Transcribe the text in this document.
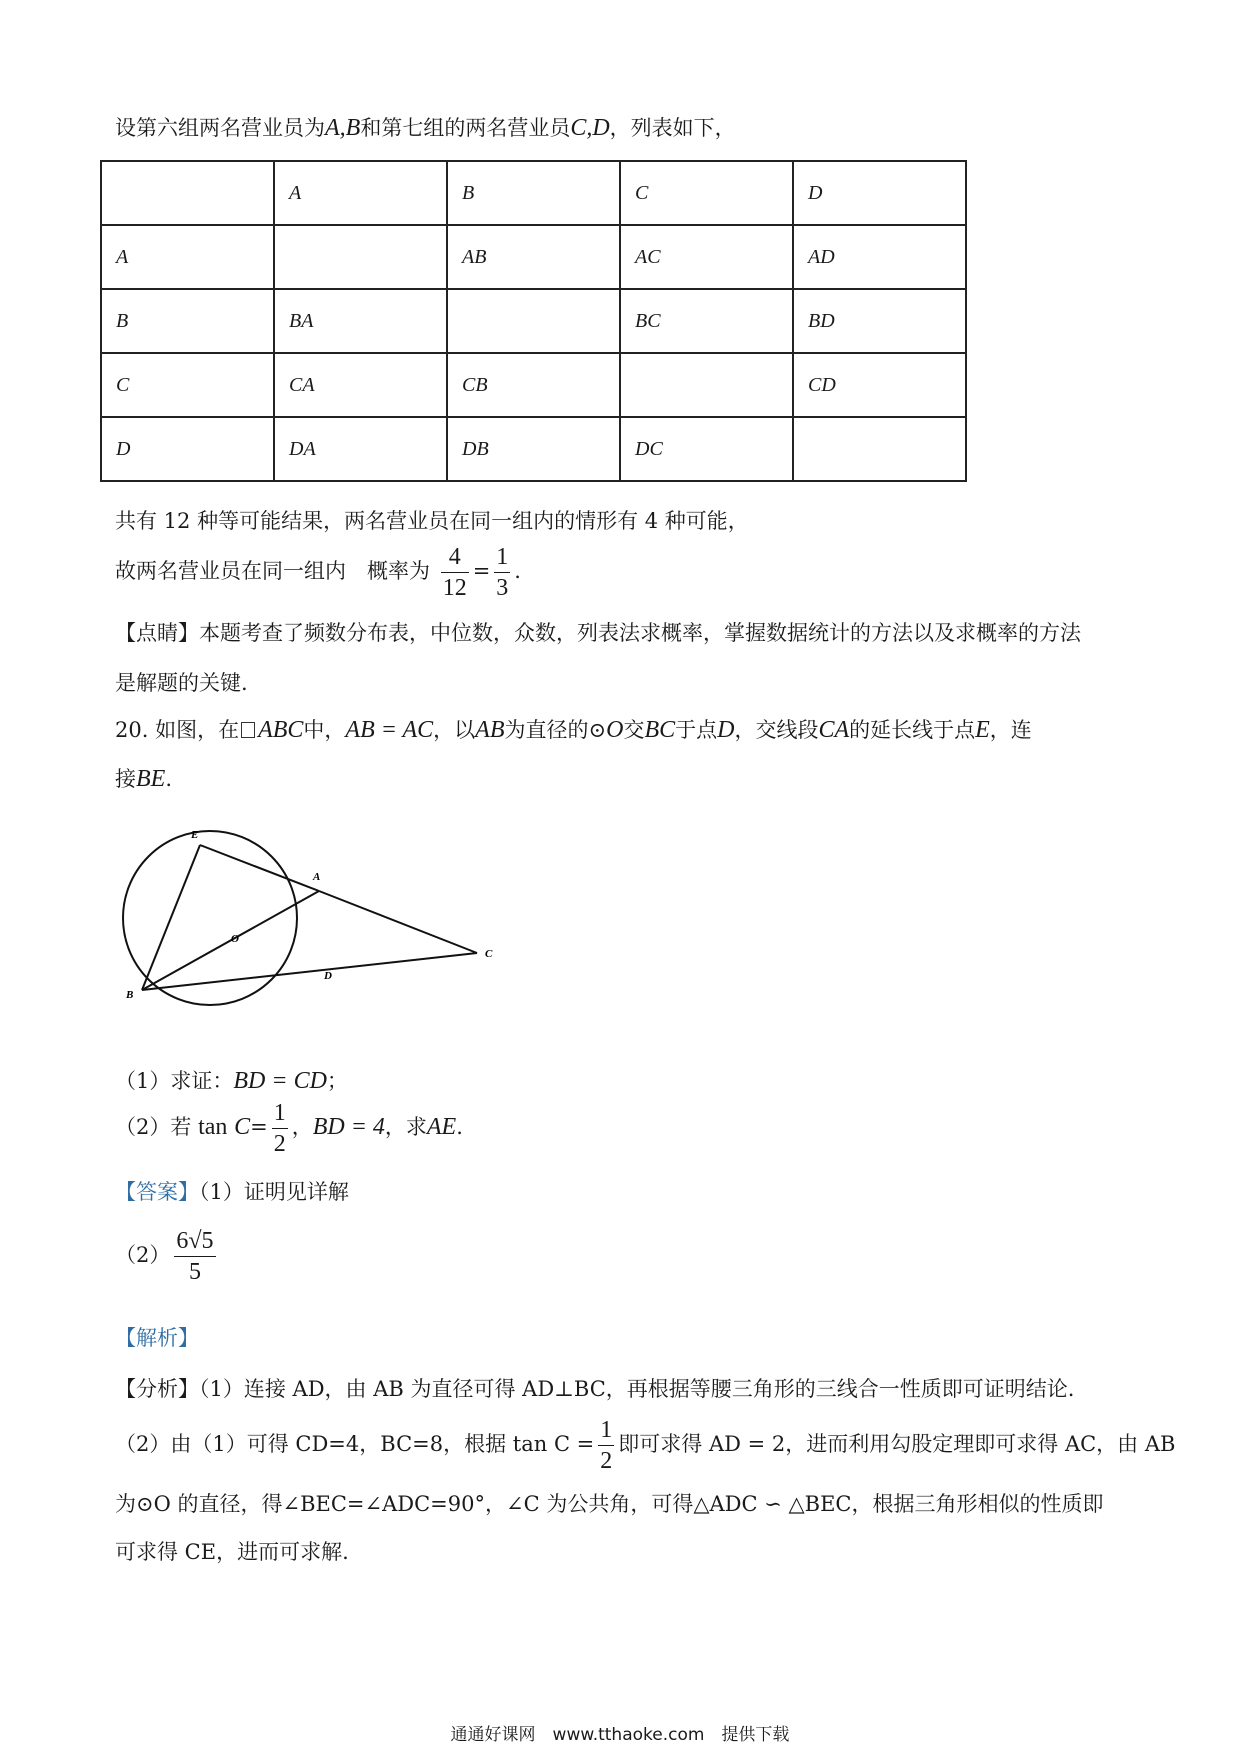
设第六组两名营业员为A,B和第七组的两名营业员C,D，列表如下，
	A	B	C	D
A		AB	AC	AD
B	BA		BC	BD
C	CA	CB		CD
D	DA	DB	DC	
共有 12 种等可能结果，两名营业员在同一组内的情形有 4 种可能，
故两名营业员在同一组内　概率为 $\frac{4}{12} = \frac{1}{3}$ .
【点睛】本题考查了频数分布表，中位数，众数，列表法求概率，掌握数据统计的方法以及求概率的方法
是解题的关键.
20. 如图，在 ABC中，AB = AC，以AB为直径的⊙O交BC于点D，交线段CA的延长线于点E，连
接BE.
E
A
O
B
D
C
（1）求证：BD = CD；
（2）若 $\tan C= \frac{1}{2}$ ，BD = 4，求AE.
【答案】（1）证明见详解
$(2) \frac{6√5}{5}$
【解析】
【分析】（1）连接 AD，由 AB 为直径可得 AD⊥BC，再根据等腰三角形的三线合一性质即可证明结论.
（2）由（1）可得 CD=4，BC=8，根据 $\tan C = \frac{1}{2}$ 即可求得 AD = 2，进而利用勾股定理即可求得 AC，由 AB
为⊙O 的直径，得∠BEC=∠ADC=90°，∠C 为公共角，可得△ADC ∽ △BEC，根据三角形相似的性质即
可求得 CE，进而可求解.
通通好课网　www.tthaoke.com　提供下载
